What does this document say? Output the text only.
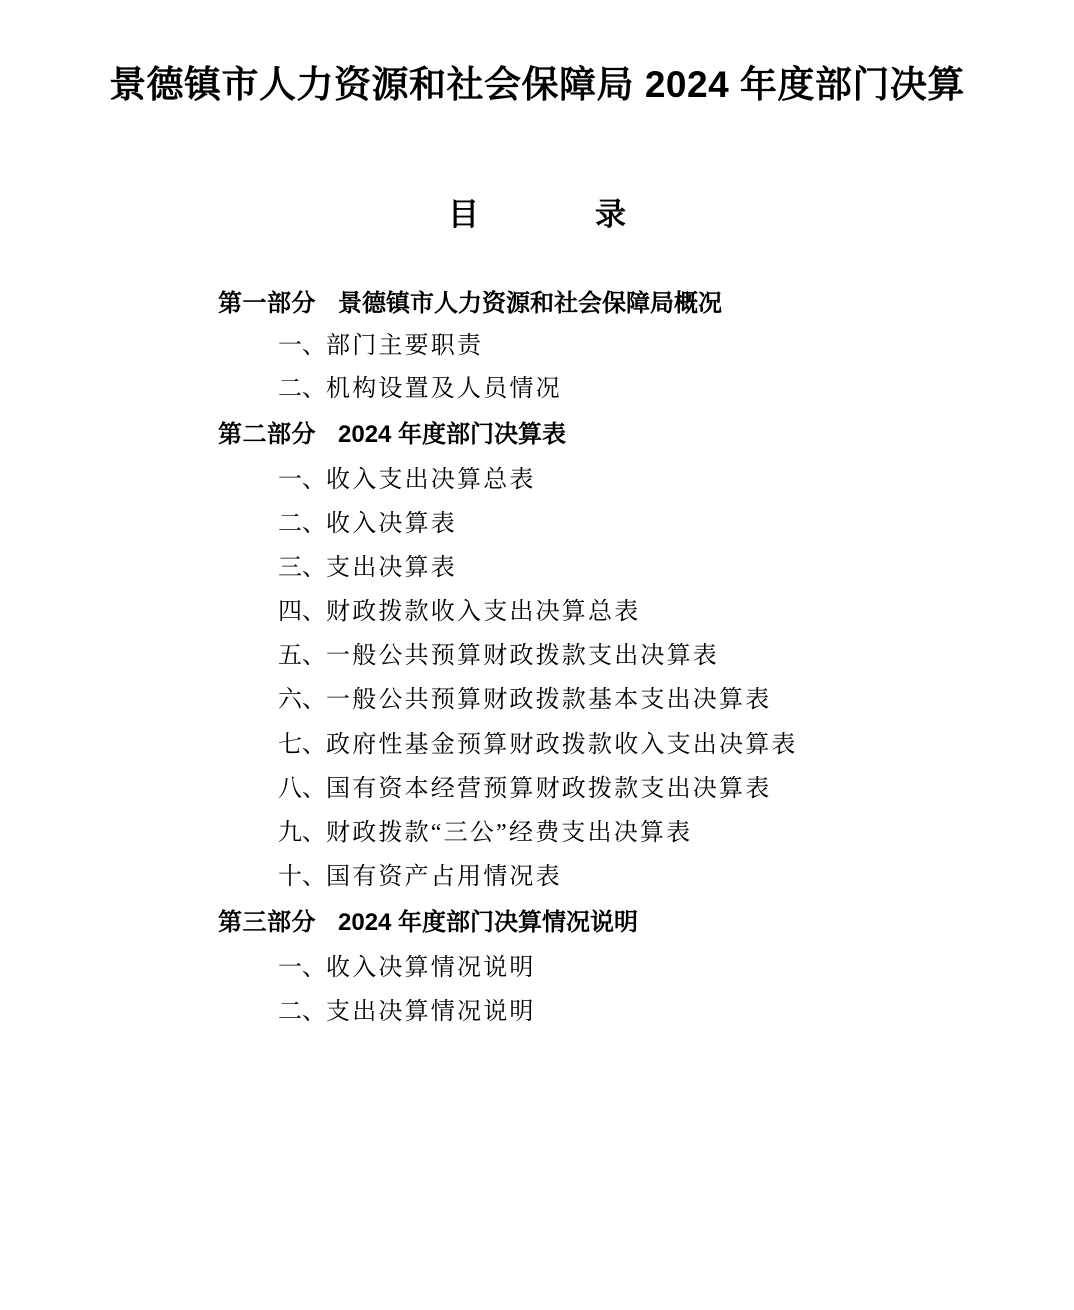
景德镇市人力资源和社会保障局 2024 年度部门决算
目　　录
第一部分 景德镇市人力资源和社会保障局概况
一、部门主要职责
二、机构设置及人员情况
第二部分 2024 年度部门决算表
一、收入支出决算总表
二、收入决算表
三、支出决算表
四、财政拨款收入支出决算总表
五、一般公共预算财政拨款支出决算表
六、一般公共预算财政拨款基本支出决算表
七、政府性基金预算财政拨款收入支出决算表
八、国有资本经营预算财政拨款支出决算表
九、财政拨款“三公”经费支出决算表
十、国有资产占用情况表
第三部分 2024 年度部门决算情况说明
一、收入决算情况说明
二、支出决算情况说明
